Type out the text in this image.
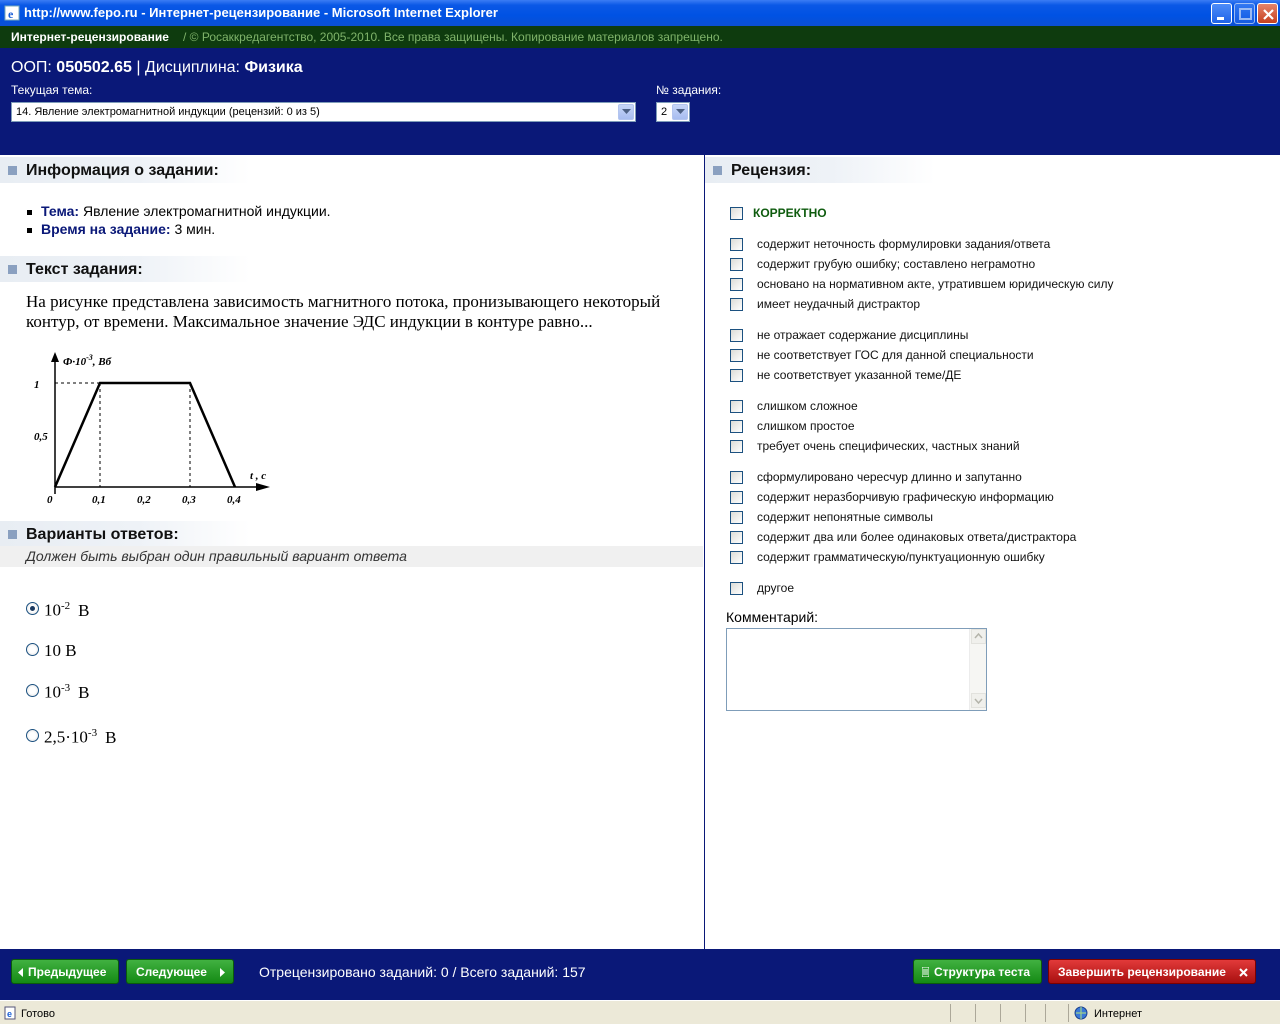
e http://www.fepo.ru - Интернет-рецензирование - Microsoft Internet Explorer
Интернет-рецензирование / © Росаккредагентство, 2005-2010. Все права защищены. Копирование материалов запрещено.
ООП: 050502.65 | Дисциплина: Физика
Текущая тема:
14. Явление электромагнитной индукции (рецензий: 0 из 5)
№ задания:
2
Информация о задании:
Тема: Явление электромагнитной индукции.
Время на задание: 3 мин.
Текст задания:
На рисунке представлена зависимость магнитного потока, пронизывающего некоторый контур, от времени. Максимальное значение ЭДС индукции в контуре равно...
$Ф\cdot 10^{-3}$, Вб
t , c
1
0,5
0	0,1	0,2	0,3	0,4
Варианты ответов:
Должен быть выбран один правильный вариант ответа
$10^{-2}$ В
10 В
$10^{-3}$ В
$2,5\cdot 10^{-3}$ В
Рецензия:
КОРРЕКТНО
содержит неточность формулировки задания/ответа
содержит грубую ошибку; составлено неграмотно
основано на нормативном акте, утратившем юридическую силу
имеет неудачный дистрактор
не отражает содержание дисциплины
не соответствует ГОС для данной специальности
не соответствует указанной теме/ДЕ
слишком сложное
слишком простое
требует очень специфических, частных знаний
сформулировано чересчур длинно и запутанно
содержит неразборчивую графическую информацию
содержит непонятные символы
содержит два или более одинаковых ответа/дистрактора
содержит грамматическую/пунктуационную ошибку
другое
Комментарий:
Предыдущее Следующее	Отрецензировано заданий: 0 / Всего заданий: 157	Структура теста Завершить рецензирование
e Готово	Интернет
